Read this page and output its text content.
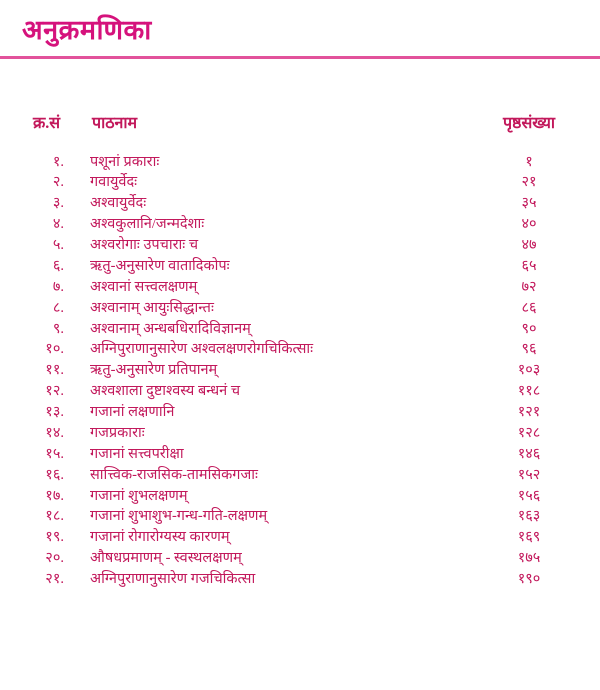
अनुक्रमणिका
क्र.सं	पाठनाम	पृष्ठसंख्या
१.	पशूनां प्रकाराः	१
२.	गवायुर्वेदः	२१
३.	अश्वायुर्वेदः	३५
४.	अश्वकुलानि/जन्मदेशाः	४०
५.	अश्वरोगाः उपचाराः च	४७
६.	ऋतु-अनुसारेण वातादिकोपः	६५
७.	अश्वानां सत्त्वलक्षणम्	७२
८.	अश्वानाम् आयुःसिद्धान्तः	८६
९.	अश्वानाम् अन्धबधिरादिविज्ञानम्	९०
१०.	अग्निपुराणानुसारेण अश्वलक्षणरोगचिकित्साः	९६
११.	ऋतु-अनुसारेण प्रतिपानम्	१०३
१२.	अश्वशाला दुष्टाश्वस्य बन्धनं च	११८
१३.	गजानां लक्षणानि	१२१
१४.	गजप्रकाराः	१२८
१५.	गजानां सत्त्वपरीक्षा	१४६
१६.	सात्त्विक-राजसिक-तामसिकगजाः	१५२
१७.	गजानां शुभलक्षणम्	१५६
१८.	गजानां शुभाशुभ-गन्ध-गति-लक्षणम्	१६३
१९.	गजानां रोगारोग्यस्य कारणम्	१६९
२०.	औषधप्रमाणम् - स्वस्थलक्षणम्	१७५
२१.	अग्निपुराणानुसारेण गजचिकित्सा	१९०
